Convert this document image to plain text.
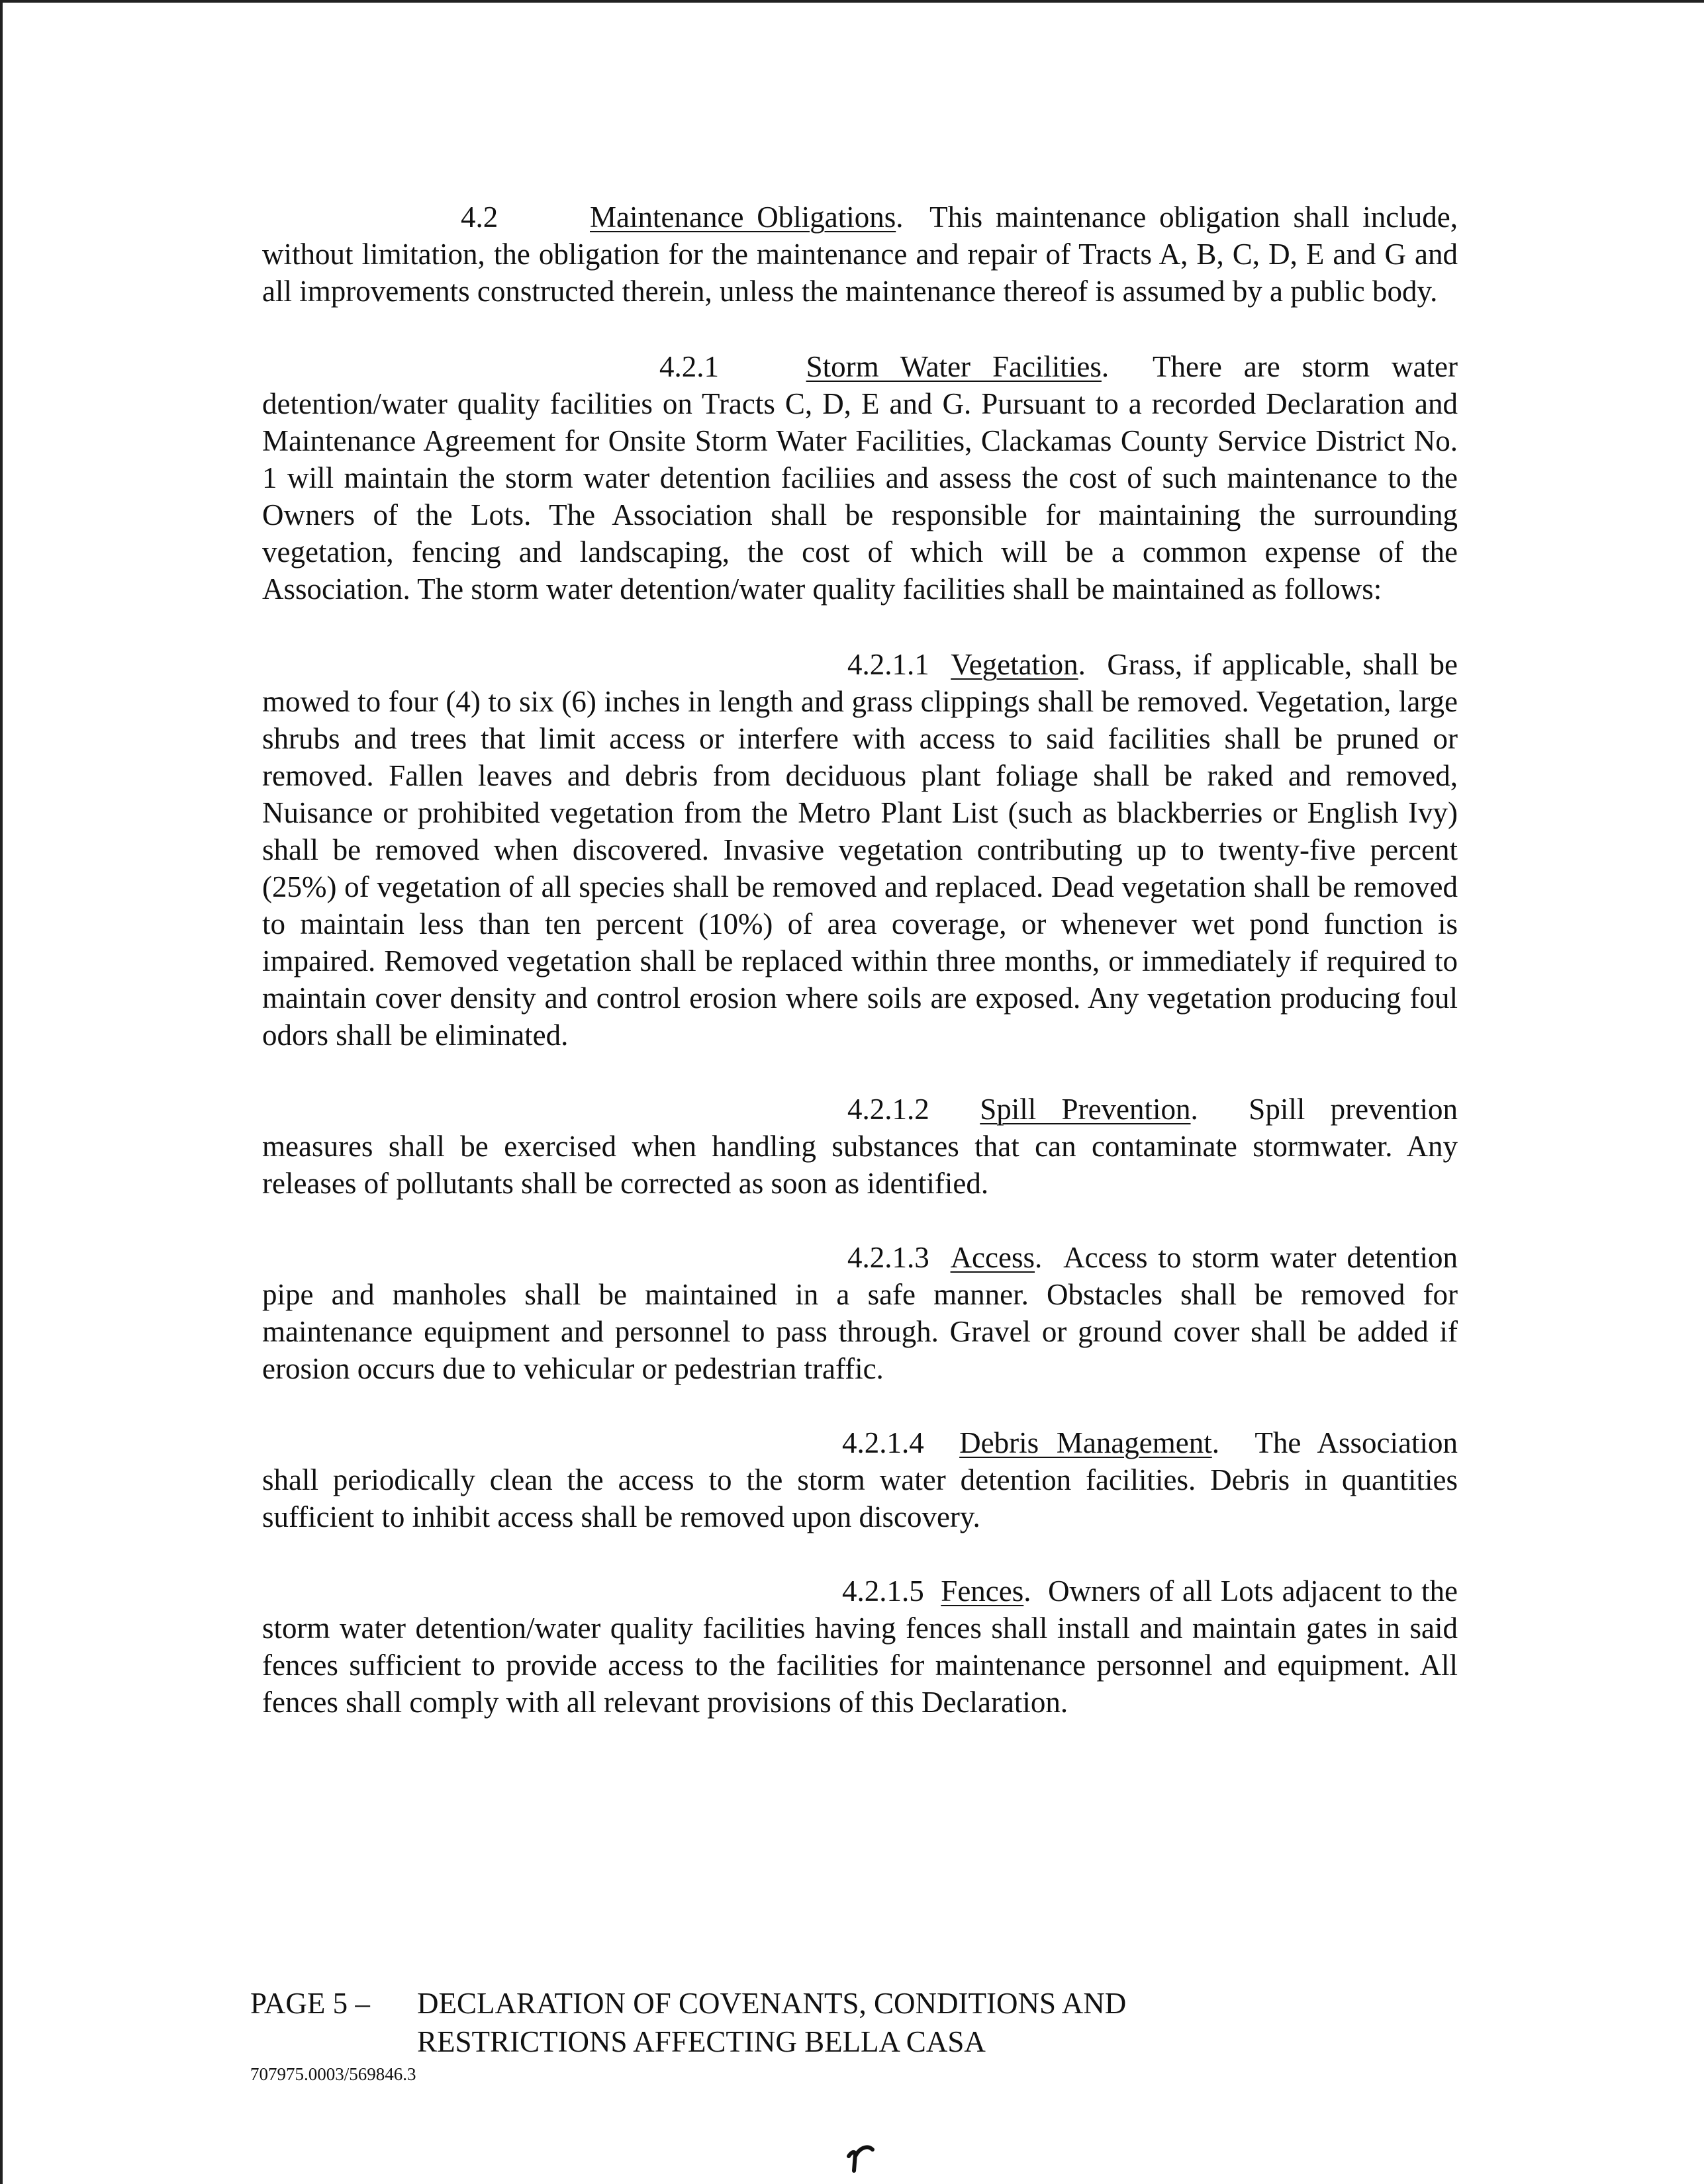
4.2	Maintenance Obligations.  This maintenance obligation shall include, without limitation, the obligation for the maintenance and repair of Tracts A, B, C, D, E and G and all improvements constructed therein, unless the maintenance thereof is assumed by a public body.

4.2.1	Storm Water Facilities.  There are storm water detention/water quality facilities on Tracts C, D, E and G. Pursuant to a recorded Declaration and Maintenance Agreement for Onsite Storm Water Facilities, Clackamas County Service District No. 1 will maintain the storm water detention faciliies and assess the cost of such maintenance to the Owners of the Lots. The Association shall be responsible for maintaining the surrounding vegetation, fencing and landscaping, the cost of which will be a common expense of the Association. The storm water detention/water quality facilities shall be maintained as follows:

4.2.1.1 Vegetation.  Grass, if applicable, shall be mowed to four (4) to six (6) inches in length and grass clippings shall be removed. Vegetation, large shrubs and trees that limit access or interfere with access to said facilities shall be pruned or removed. Fallen leaves and debris from deciduous plant foliage shall be raked and removed, Nuisance or prohibited vegetation from the Metro Plant List (such as blackberries or English Ivy) shall be removed when discovered. Invasive vegetation contributing up to twenty-five percent (25%) of vegetation of all species shall be removed and replaced. Dead vegetation shall be removed to maintain less than ten percent (10%) of area coverage, or whenever wet pond function is impaired. Removed vegetation shall be replaced within three months, or immediately if required to maintain cover density and control erosion where soils are exposed. Any vegetation producing foul odors shall be eliminated.

4.2.1.2 Spill Prevention.  Spill prevention measures shall be exercised when handling substances that can contaminate stormwater. Any releases of pollutants shall be corrected as soon as identified.

4.2.1.3 Access.  Access to storm water detention pipe and manholes shall be maintained in a safe manner. Obstacles shall be removed for maintenance equipment and personnel to pass through. Gravel or ground cover shall be added if erosion occurs due to vehicular or pedestrian traffic.

4.2.1.4 Debris Management.  The Association shall periodically clean the access to the storm water detention facilities. Debris in quantities sufficient to inhibit access shall be removed upon discovery.

4.2.1.5 Fences.  Owners of all Lots adjacent to the storm water detention/water quality facilities having fences shall install and maintain gates in said fences sufficient to provide access to the facilities for maintenance personnel and equipment. All fences shall comply with all relevant provisions of this Declaration.

PAGE 5 – DECLARATION OF COVENANTS, CONDITIONS AND
RESTRICTIONS AFFECTING BELLA CASA
707975.0003/569846.3
